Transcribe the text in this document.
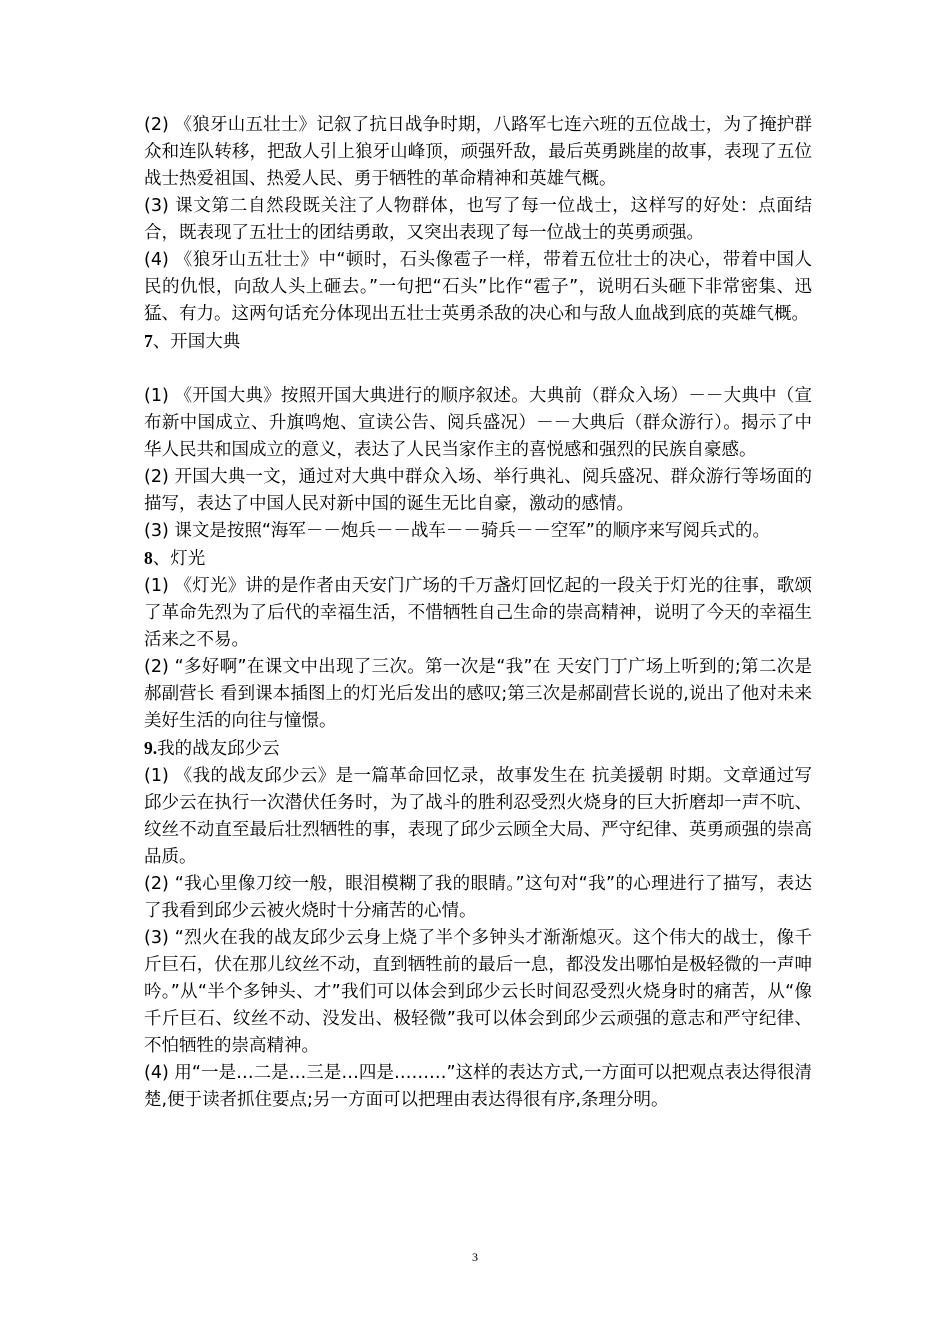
(2) 《狼牙山五壮士》记叙了抗日战争时期，八路军七连六班的五位战士，为了掩护群众和连队转移，把敌人引上狼牙山峰顶，顽强歼敌，最后英勇跳崖的故事，表现了五位战士热爱祖国、热爱人民、勇于牺牲的革命精神和英雄气概。

(3) 课文第二自然段既关注了人物群体，也写了每一位战士，这样写的好处：点面结合，既表现了五壮士的团结勇敢，又突出表现了每一位战士的英勇顽强。

(4) 《狼牙山五壮士》中“顿时，石头像雹子一样，带着五位壮士的决心，带着中国人民的仇恨，向敌人头上砸去。”一句把“石头”比作“雹子”，说明石头砸下非常密集、迅猛、有力。这两句话充分体现出五壮士英勇杀敌的决心和与敌人血战到底的英雄气概。

7、开国大典

(1) 《开国大典》按照开国大典进行的顺序叙述。大典前（群众入场）－－大典中（宣布新中国成立、升旗鸣炮、宣读公告、阅兵盛况）－－大典后（群众游行）。揭示了中华人民共和国成立的意义，表达了人民当家作主的喜悦感和强烈的民族自豪感。

(2) 开国大典一文，通过对大典中群众入场、举行典礼、阅兵盛况、群众游行等场面的描写，表达了中国人民对新中国的诞生无比自豪，激动的感情。

(3) 课文是按照“海军－－炮兵－－战车－－骑兵－－空军”的顺序来写阅兵式的。

8、灯光

(1) 《灯光》讲的是作者由天安门广场的千万盏灯回忆起的一段关于灯光的往事，歌颂了革命先烈为了后代的幸福生活，不惜牺牲自己生命的崇高精神，说明了今天的幸福生活来之不易。

(2) “多好啊”在课文中出现了三次。第一次是“我”在 天安门丁广场上听到的;第二次是 郝副营长 看到课本插图上的灯光后发出的感叹;第三次是郝副营长说的,说出了他对未来美好生活的向往与憧憬。

9.我的战友邱少云

(1) 《我的战友邱少云》是一篇革命回忆录，故事发生在 抗美援朝 时期。文章通过写邱少云在执行一次潜伏任务时，为了战斗的胜利忍受烈火烧身的巨大折磨却一声不吭、纹丝不动直至最后壮烈牺牲的事，表现了邱少云顾全大局、严守纪律、英勇顽强的崇高品质。

(2) “我心里像刀绞一般，眼泪模糊了我的眼睛。”这句对“我”的心理进行了描写，表达了我看到邱少云被火烧时十分痛苦的心情。

(3) “烈火在我的战友邱少云身上烧了半个多钟头才渐渐熄灭。这个伟大的战士，像千斤巨石，伏在那儿纹丝不动，直到牺牲前的最后一息，都没发出哪怕是极轻微的一声呻吟。”从“半个多钟头、才”我们可以体会到邱少云长时间忍受烈火烧身时的痛苦，从“像千斤巨石、纹丝不动、没发出、极轻微”我可以体会到邱少云顽强的意志和严守纪律、不怕牺牲的崇高精神。

(4) 用“一是…二是…三是…四是………”这样的表达方式,一方面可以把观点表达得很清楚,便于读者抓住要点;另一方面可以把理由表达得很有序,条理分明。

3
